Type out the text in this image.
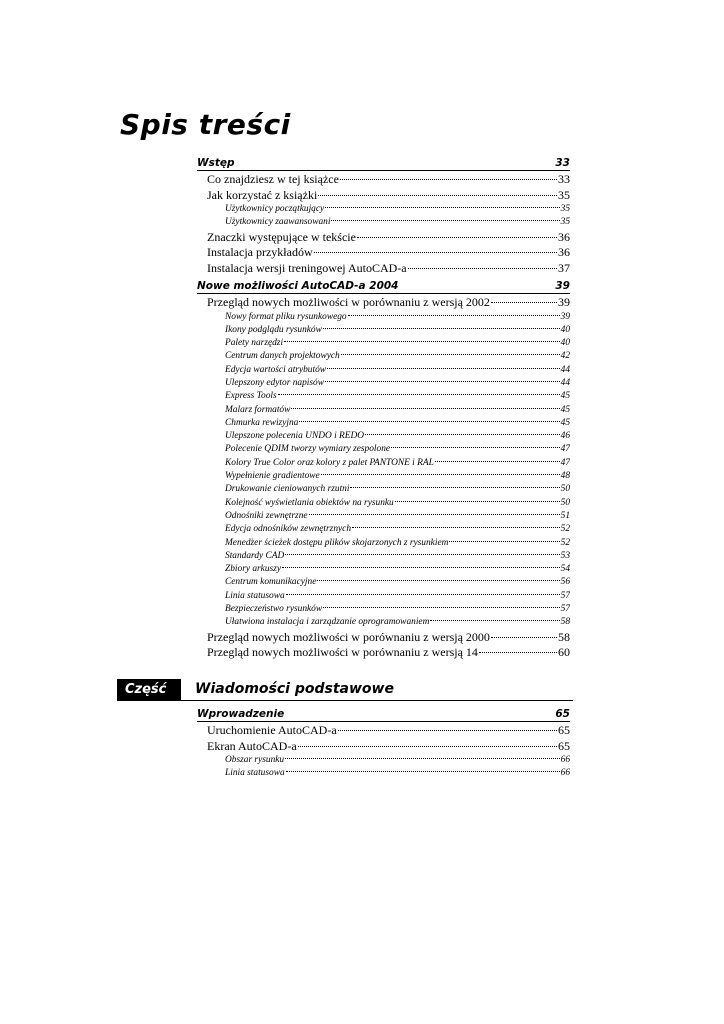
Spis treści
Wstęp	33
Co znajdziesz w tej książce	33
Jak korzystać z książki	35
Użytkownicy początkujący	35
Użytkownicy zaawansowani	35
Znaczki występujące w tekście	36
Instalacja przykładów	36
Instalacja wersji treningowej AutoCAD-a	37
Nowe możliwości AutoCAD-a 2004	39
Przegląd nowych możliwości w porównaniu z wersją 2002	39
Nowy format pliku rysunkowego	39
Ikony podglądu rysunków	40
Palety narzędzi	40
Centrum danych projektowych	42
Edycja wartości atrybutów	44
Ulepszony edytor napisów	44
Express Tools	45
Malarz formatów	45
Chmurka rewizyjna	45
Ulepszone polecenia UNDO i REDO	46
Polecenie QDIM tworzy wymiary zespolone	47
Kolory True Color oraz kolory z palet PANTONE i RAL	47
Wypełnienie gradientowe	48
Drukowanie cieniowanych rzutni	50
Kolejność wyświetlania obiektów na rysunku	50
Odnośniki zewnętrzne	51
Edycja odnośników zewnętrznych	52
Menedżer ścieżek dostępu plików skojarzonych z rysunkiem	52
Standardy CAD	53
Zbiory arkuszy	54
Centrum komunikacyjne	56
Linia statusowa	57
Bezpieczeństwo rysunków	57
Ułatwiona instalacja i zarządzanie oprogramowaniem	58
Przegląd nowych możliwości w porównaniu z wersją 2000	58
Przegląd nowych możliwości w porównaniu z wersją 14	60
Część 1
Wiadomości podstawowe
Wprowadzenie	65
Uruchomienie AutoCAD-a	65
Ekran AutoCAD-a	65
Obszar rysunku	66
Linia statusowa	66
